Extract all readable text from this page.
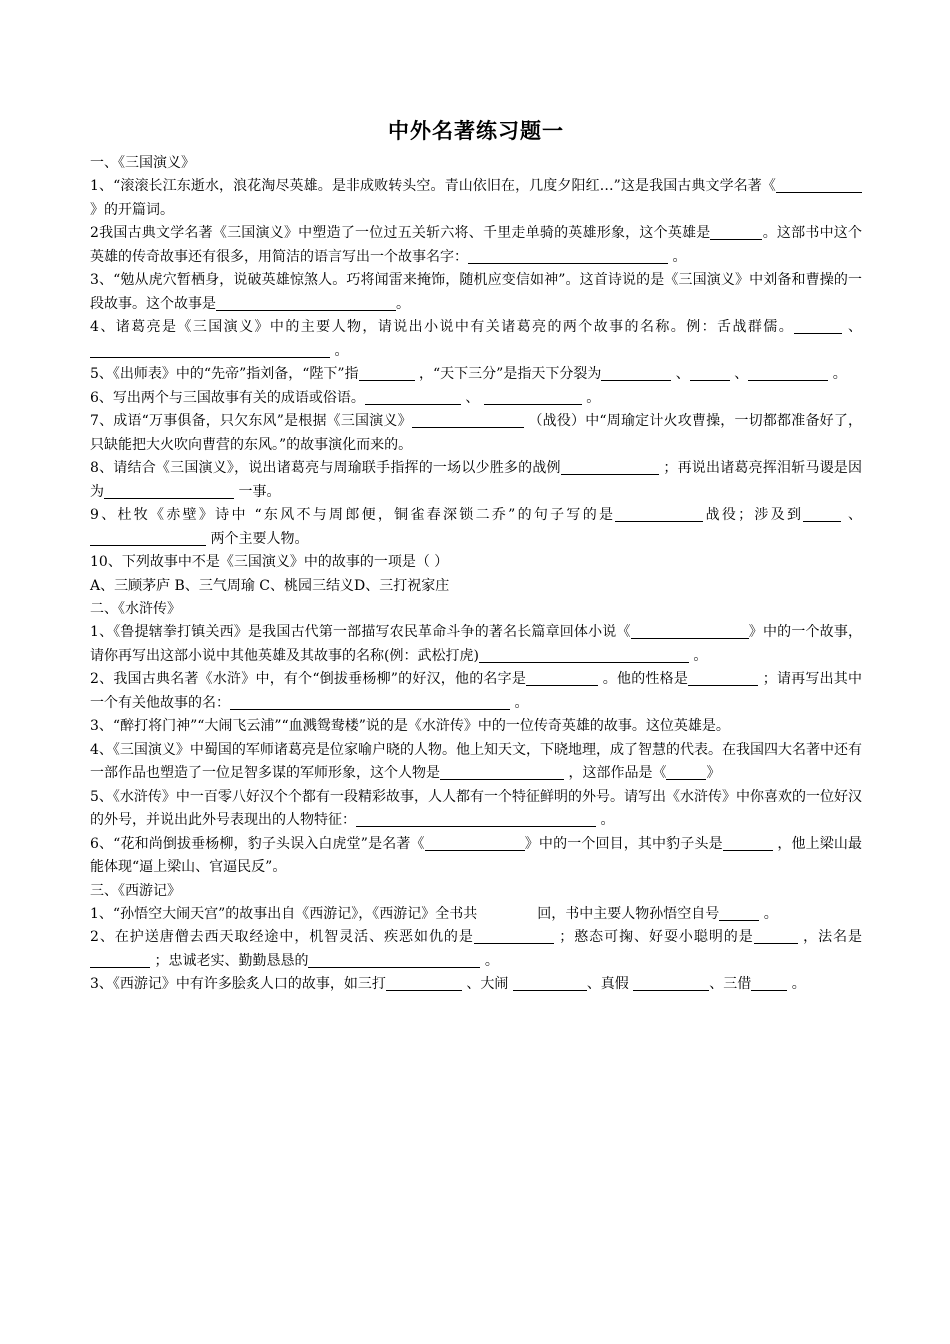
中外名著练习题一

一、《三国演义》

1、“滚滚长江东逝水，浪花淘尽英雄。是非成败转头空。青山依旧在，几度夕阳红…”这是我国古典文学名著《》的开篇词。

2我国古典文学名著《三国演义》中塑造了一位过五关斩六将、千里走单骑的英雄形象，这个英雄是	。这部书中这个英雄的传奇故事还有很多，用简洁的语言写出一个故事名字：	。

3、“勉从虎穴暂栖身，说破英雄惊煞人。巧将闻雷来掩饰，随机应变信如神”。这首诗说的是《三国演义》中刘备和曹操的一段故事。这个故事是	。

4、诸葛亮是《三国演义》中的主要人物，请说出小说中有关诸葛亮的两个故事的名称。例：舌战群儒。	、 。

5、《出师表》中的“先帝”指刘备，“陛下”指	，“天下三分”是指天下分裂为	、	、	。

6、写出两个与三国故事有关的成语或俗语。	、	。

7、成语“万事俱备，只欠东风”是根据《三国演义》	（战役）中“周瑜定计火攻曹操，一切都都准备好了，只缺能把大火吹向曹营的东风。”的故事演化而来的。

8、请结合《三国演义》，说出诸葛亮与周瑜联手指挥的一场以少胜多的战例	；再说出诸葛亮挥泪斩马谡是因为	一事。

9、杜牧《赤壁》诗中 “东风不与周郎便，铜雀春深锁二乔”的句子写的是	战役；涉及到	、 两个主要人物。

10、下列故事中不是《三国演义》中的故事的一项是（ ）

A、三顾茅庐 B、三气周瑜 C、桃园三结义D、三打祝家庄

二、《水浒传》

1、《鲁提辖拳打镇关西》是我国古代第一部描写农民革命斗争的著名长篇章回体小说《	》中的一个故事，请你再写出这部小说中其他英雄及其故事的名称(例：武松打虎)	。

2、我国古典名著《水浒》中，有个“倒拔垂杨柳”的好汉，他的名字是	。他的性格是	；请再写出其中一个有关他故事的名：	。

3、“醉打将门神”“大闹飞云浦”“血溅鸳鸯楼”说的是《水浒传》中的一位传奇英雄的故事。这位英雄是。

4、《三国演义》中蜀国的军师诸葛亮是位家喻户晓的人物。他上知天文，下晓地理，成了智慧的代表。在我国四大名著中还有一部作品也塑造了一位足智多谋的军师形象，这个人物是	，这部作品是《	》

5、《水浒传》中一百零八好汉个个都有一段精彩故事，人人都有一个特征鲜明的外号。请写出《水浒传》中你喜欢的一位好汉的外号，并说出此外号表现出的人物特征：	。

6、“花和尚倒拔垂杨柳，豹子头误入白虎堂”是名著《	》中的一个回目，其中豹子头是	，他上梁山最能体现“逼上梁山、官逼民反”。

三、《西游记》

1、“孙悟空大闹天宫”的故事出自《西游记》，《西游记》全书共	回，书中主要人物孙悟空自号	。

2、在护送唐僧去西天取经途中，机智灵活、疾恶如仇的是	；憨态可掬、好耍小聪明的是	，法名是 ；忠诚老实、勤勤恳恳的	。

3、《西游记》中有许多脍炙人口的故事，如三打	、大闹	、真假	、三借	。
